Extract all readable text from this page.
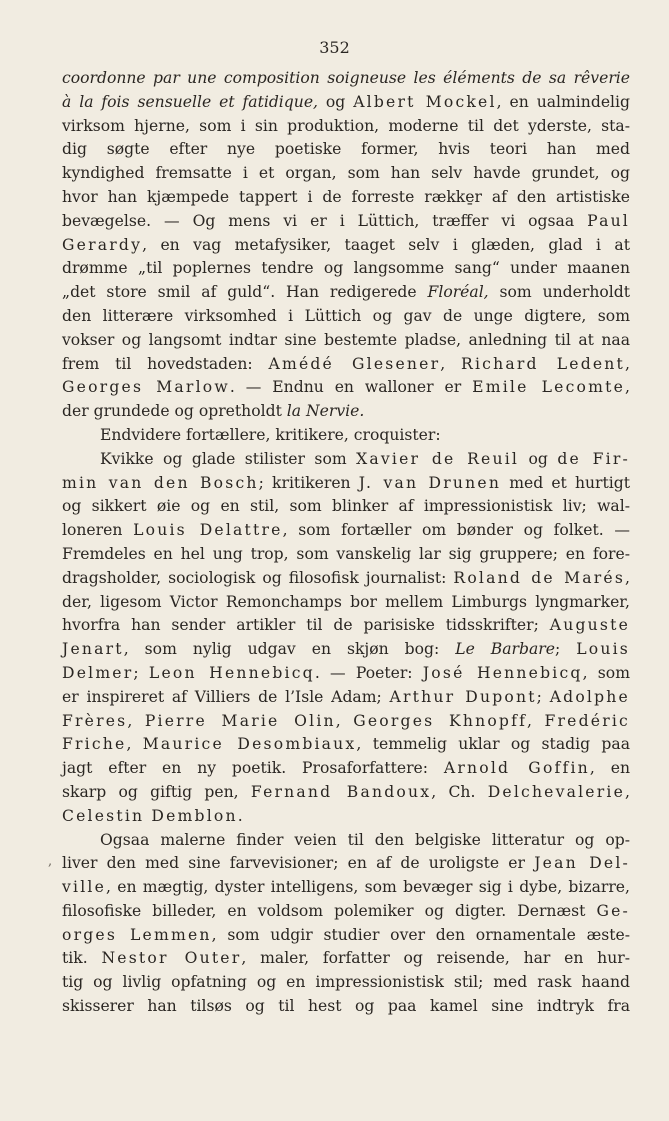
352
,
coordonne par une composition soigneuse les éléments de sa rêverie
à la fois sensuelle et fatidique, og Albert Mockel, en ualmindelig
virksom hjerne, som i sin produktion, moderne til det yderste, sta-
dig søgte efter nye poetiske former, hvis teori han med
kyndighed fremsatte i et organ, som han selv havde grundet, og
hvor han kjæmpede tappert i de forreste række̱r af den artistiske
bevægelse. — Og mens vi er i Lüttich, træffer vi ogsaa Paul
Gerardy, en vag metafysiker, taaget selv i glæden, glad i at
drømme „til poplernes tendre og langsomme sang“ under maanen
„det store smil af guld“. Han redigerede Floréal, som underholdt
den litterære virksomhed i Lüttich og gav de unge digtere, som
vokser og langsomt indtar sine bestemte pladse, anledning til at naa
frem til hovedstaden: Amédé Glesener, Richard Ledent,
Georges Marlow. — Endnu en walloner er Emile Lecomte,
der grundede og opretholdt la Nervie.
Endvidere fortællere, kritikere, croquister:
Kvikke og glade stilister som Xavier de Reuil og de Fir-
min van den Bosch; kritikeren J. van Drunen med et hurtigt
og sikkert øie og en stil, som blinker af impressionistisk liv; wal-
loneren Louis Delattre, som fortæller om bønder og folket. —
Fremdeles en hel ung trop, som vanskelig lar sig gruppere; en fore-
dragsholder, sociologisk og filosofisk journalist: Roland de Marés,
der, ligesom Victor Remonchamps bor mellem Limburgs lyngmarker,
hvorfra han sender artikler til de parisiske tidsskrifter; Auguste
Jenart, som nylig udgav en skjøn bog: Le Barbare; Louis
Delmer; Leon Hennebicq. — Poeter: José Hennebicq, som
er inspireret af Villiers de l’Isle Adam; Arthur Dupont; Adolphe
Frères, Pierre Marie Olin, Georges Khnopff, Fredéric
Friche, Maurice Desombiaux, temmelig uklar og stadig paa
jagt efter en ny poetik. Prosaforfattere: Arnold Goffin, en
skarp og giftig pen, Fernand Bandoux, Ch. Delchevalerie,
Celestin Demblon.
Ogsaa malerne finder veien til den belgiske litteratur og op-
liver den med sine farvevisioner; en af de uroligste er Jean Del-
ville, en mægtig, dyster intelligens, som bevæger sig i dybe, bizarre,
filosofiske billeder, en voldsom polemiker og digter. Dernæst Ge-
orges Lemmen, som udgir studier over den ornamentale æste-
tik. Nestor Outer, maler, forfatter og reisende, har en hur-
tig og livlig opfatning og en impressionistisk stil; med rask haand
skisserer han tilsøs og til hest og paa kamel sine indtryk fra
